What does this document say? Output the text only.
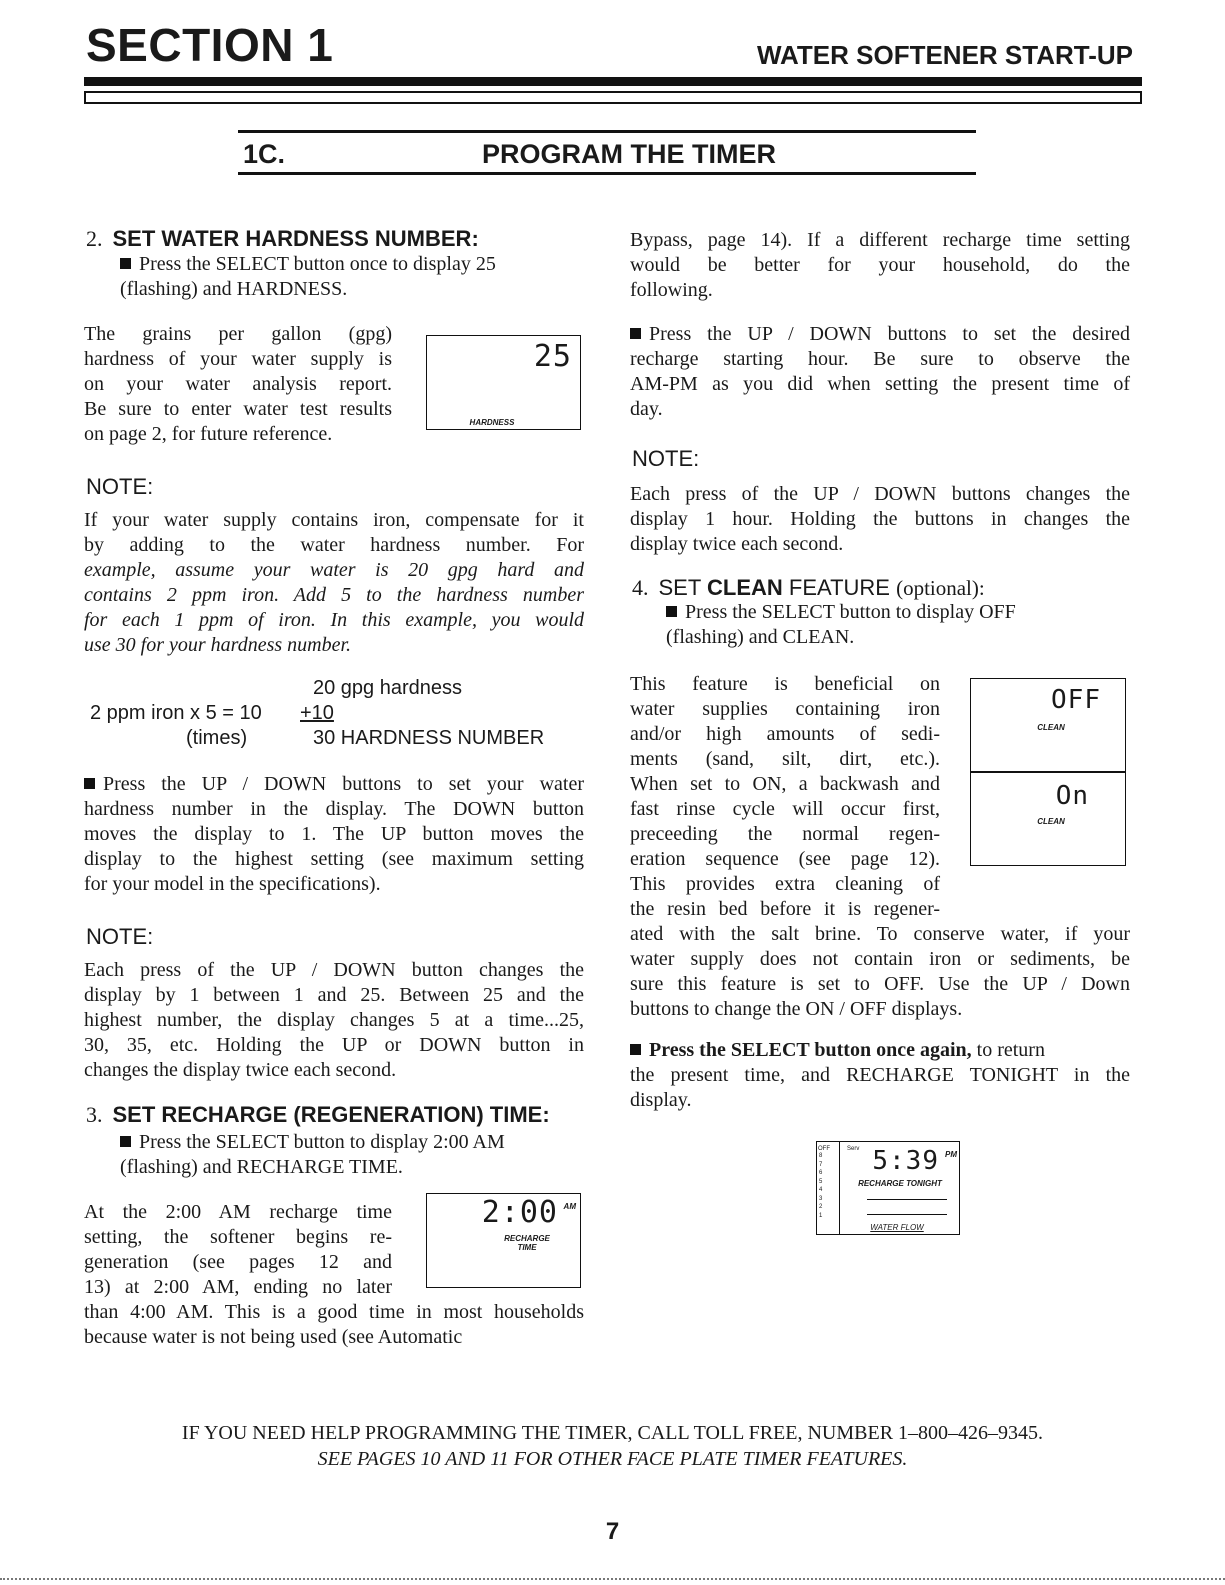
SECTION 1	WATER SOFTENER START-UP
1C.	PROGRAM THE TIMER
2. SET WATER HARDNESS NUMBER:
Press the SELECT button once to display 25
(flashing) and HARDNESS.
The grains per gallon (gpg)
hardness of your water supply is
on your water analysis report.
Be sure to enter water test results
on page 2, for future reference.
25
HARDNESS
NOTE:
If your water supply contains iron, compensate for it
by adding to the water hardness number. For
example, assume your water is 20 gpg hard and
contains 2 ppm iron. Add 5 to the hardness number
for each 1 ppm of iron. In this example, you would
use 30 for your hardness number.
20 gpg hardness
2 ppm iron x 5 = 10 +10
(times)	30 HARDNESS NUMBER
Press the UP / DOWN buttons to set your water
hardness number in the display. The DOWN button
moves the display to 1. The UP button moves the
display to the highest setting (see maximum setting
for your model in the specifications).
NOTE:
Each press of the UP / DOWN button changes the
display by 1 between 1 and 25. Between 25 and the
highest number, the display changes 5 at a time...25,
30, 35, etc. Holding the UP or DOWN button in
changes the display twice each second.
3. SET RECHARGE (REGENERATION) TIME:
Press the SELECT button to display 2:00 AM
(flashing) and RECHARGE TIME.
At the 2:00 AM recharge time
setting, the softener begins re-
generation (see pages 12 and
13) at 2:00 AM, ending no later
than 4:00 AM. This is a good time in most households
because water is not being used (see Automatic
2:00 AM
RECHARGE
TIME
Bypass, page 14). If a different recharge time setting
would be better for your household, do the
following.
Press the UP / DOWN buttons to set the desired
recharge starting hour. Be sure to observe the
AM-PM as you did when setting the present time of
day.
NOTE:
Each press of the UP / DOWN buttons changes the
display 1 hour. Holding the buttons in changes the
display twice each second.
4. SET CLEAN FEATURE (optional):
Press the SELECT button to display OFF
(flashing) and CLEAN.
This feature is beneficial on
water supplies containing iron
and/or high amounts of sedi-
ments (sand, silt, dirt, etc.).
When set to ON, a backwash and
fast rinse cycle will occur first,
preceeding the normal regen-
eration sequence (see page 12).
This provides extra cleaning of
the resin bed before it is regener-
ated with the salt brine. To conserve water, if your
water supply does not contain iron or sediments, be
sure this feature is set to OFF. Use the UP / Down
buttons to change the ON / OFF displays.
OFF
CLEAN
On
CLEAN
Press the SELECT button once again, to return
the present time, and RECHARGE TONIGHT in the
display.
OFF	Serv
8
7
6
5
4
3
2
1
5:39 PM
RECHARGE TONIGHT
WATER FLOW
IF YOU NEED HELP PROGRAMMING THE TIMER, CALL TOLL FREE, NUMBER 1–800–426–9345.
SEE PAGES 10 AND 11 FOR OTHER FACE PLATE TIMER FEATURES.
7
